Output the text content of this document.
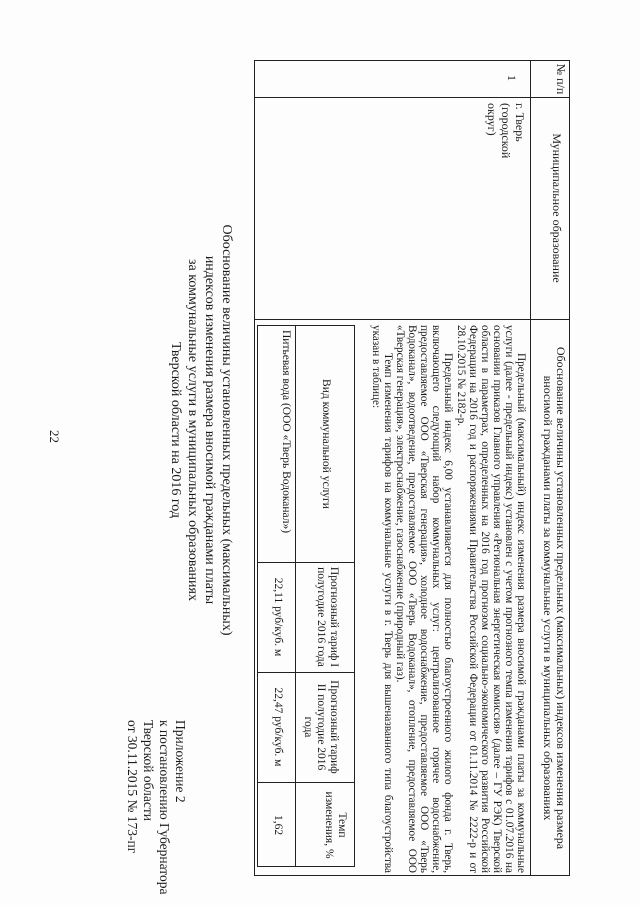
22
Приложение 2
к постановлению Губернатора
Тверской области
от 30.11.2015 № 173-пг
Обоснование величины установленных предельных (максимальных)
индексов изменения размера вносимой гражданами платы
за коммунальные услуги в муниципальных образованиях
Тверской области на 2016 год
№ п/п
Муниципальное образование
Обоснование величины установленных предельных (максимальных) индексов изменения размера вносимой гражданами платы за коммунальные услуги в муниципальных образованиях
1
г. Тверь (городской округ)

Предельный (максимальный) индекс изменения размера вносимой гражданами платы за коммунальные услуги (далее - предельный индекс) установлен с учетом прогнозного темпа изменения тарифов с 01.07.2016 на основании приказов Главного управления «Региональная энергетическая комиссия» (далее – ГУ РЭК) Тверской области в параметрах, определенных на 2016 год прогнозом социально-экономического развития Российской Федерации на 2016 год и распоряжениями Правительства Российской Федерации от 01.11.2014 № 2222-р и от 28.10.2015 № 2182-р.

Предельный индекс 6,00 устанавливается для полностью благоустроенного жилого фонда г. Тверь, включающего следующий набор коммунальных услуг: централизованное горячее водоснабжение, предоставляемое ООО «Тверская генерация», холодное водоснабжение, предоставляемое ООО «Тверь Водоканал», водоотведение, предоставляемое ООО «Тверь Водоканал», отопление, предоставляемое ООО «Тверская генерация», электроснабжение, газоснабжение (природный газ).

Темп изменения тарифов на коммунальные услуги в г. Тверь для вышеназванного типа благоустройства указан в таблице:

Вид коммунальной услуги
Прогнозный тариф I полугодие 2016 года
Прогнозный тариф II полугодие 2016 года
Темп изменения, %
Питьевая вода (ООО «Тверь Водоканал»)
22,11 руб/куб. м
22,47 руб/куб. м
1,62
